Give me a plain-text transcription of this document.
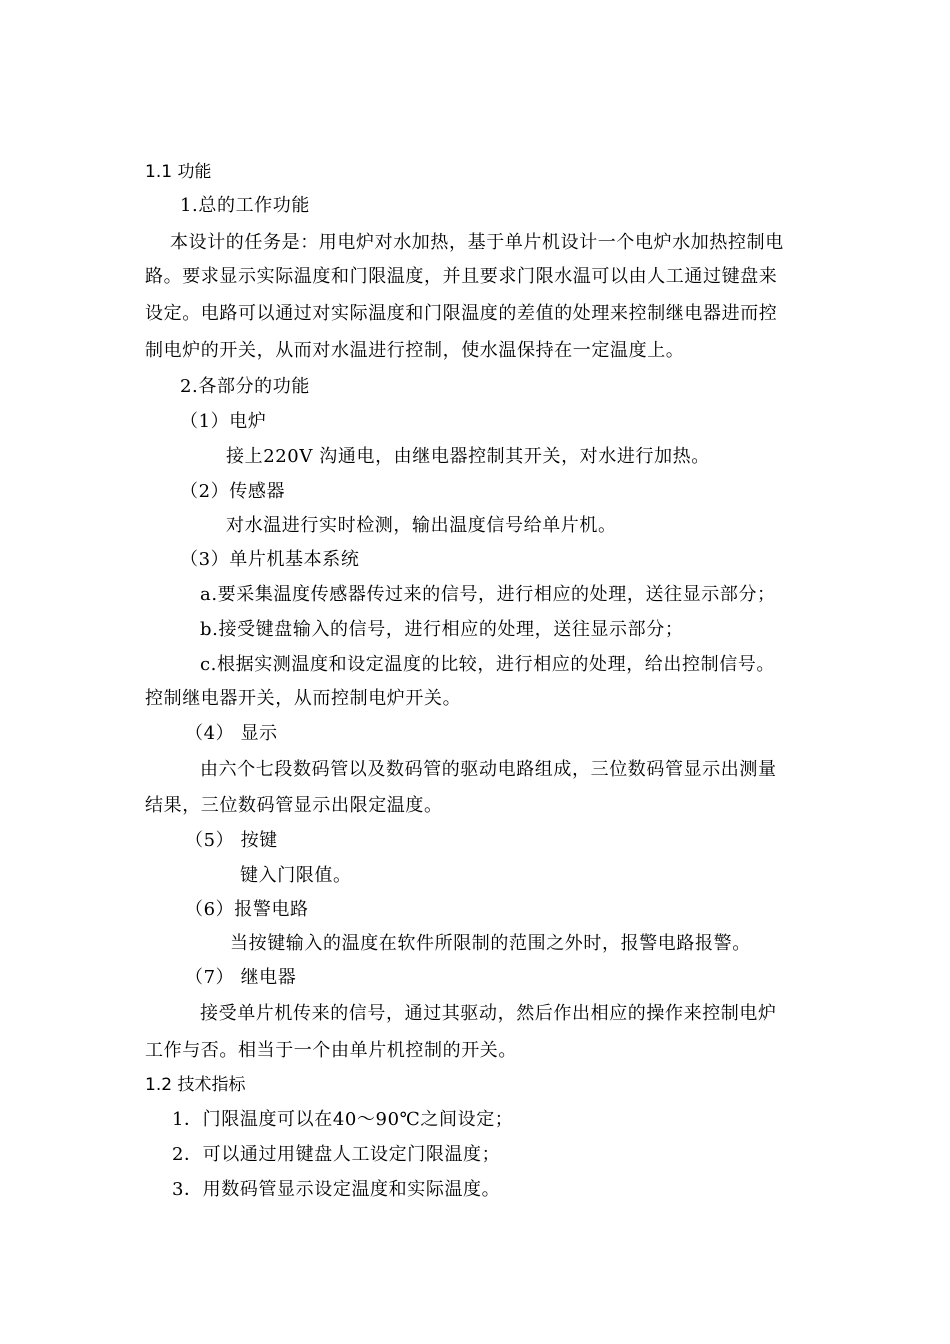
1.1 功能
1.总的工作功能
本设计的任务是：用电炉对水加热，基于单片机设计一个电炉水加热控制电
路。要求显示实际温度和门限温度，并且要求门限水温可以由人工通过键盘来
设定。电路可以通过对实际温度和门限温度的差值的处理来控制继电器进而控
制电炉的开关，从而对水温进行控制，使水温保持在一定温度上。
2.各部分的功能
（1）电炉
接上220V 沟通电，由继电器控制其开关，对水进行加热。
（2）传感器
对水温进行实时检测，输出温度信号给单片机。
（3）单片机基本系统
a.要采集温度传感器传过来的信号，进行相应的处理，送往显示部分；
b.接受键盘输入的信号，进行相应的处理，送往显示部分；
c.根据实测温度和设定温度的比较，进行相应的处理，给出控制信号。
控制继电器开关，从而控制电炉开关。
（4） 显示
由六个七段数码管以及数码管的驱动电路组成，三位数码管显示出测量
结果，三位数码管显示出限定温度。
（5） 按键
键入门限值。
（6）报警电路
当按键输入的温度在软件所限制的范围之外时，报警电路报警。
（7） 继电器
接受单片机传来的信号，通过其驱动，然后作出相应的操作来控制电炉
工作与否。相当于一个由单片机控制的开关。
1.2 技术指标
1．门限温度可以在40～90℃之间设定；
2．可以通过用键盘人工设定门限温度；
3．用数码管显示设定温度和实际温度。
